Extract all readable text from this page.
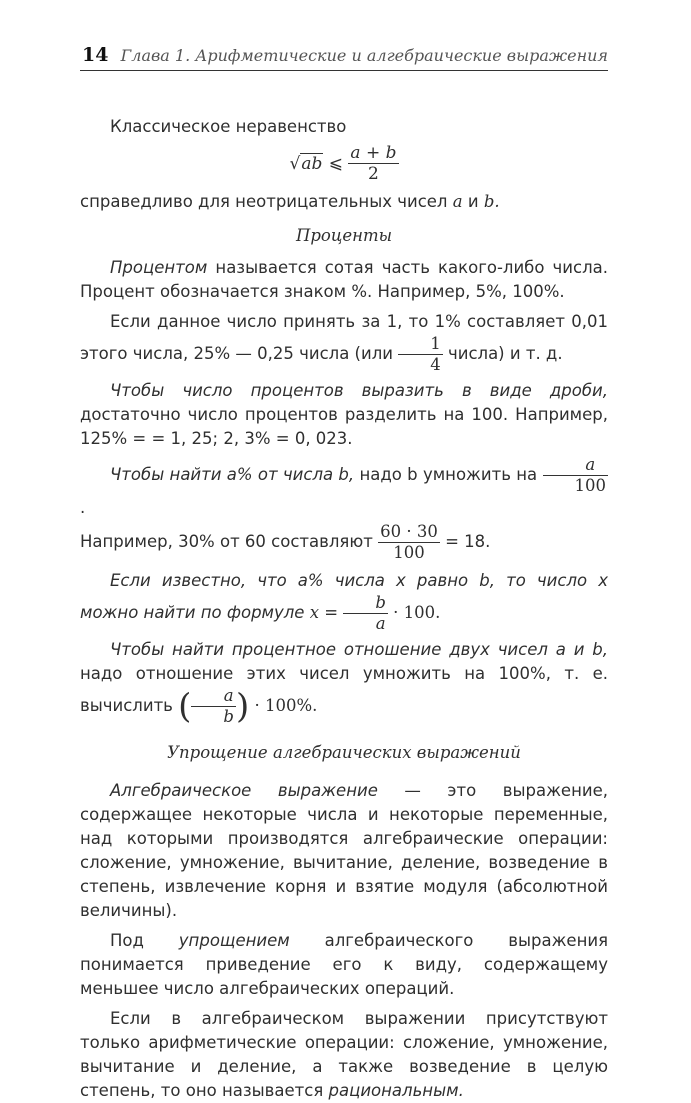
14 Глава 1. Арифметические и алгебраические выражения

Классическое неравенство

√ab ⩽ $\frac{a + b}{2}$

справедливо для неотрицательных чисел a и b.

Проценты

Процентом называется сотая часть какого-либо числа. Процент обозначается знаком %. Например, 5%, 100%.

Если данное число принять за 1, то 1% составляет 0,01 этого числа, 25% — 0,25 числа ($или \frac{1}{4}$ числа) и т. д.

Чтобы число процентов выразить в виде дроби, достаточно число процентов разделить на 100. Например, 125% = = 1, 25; 2, 3% = 0, 023.

Чтобы найти a% от числа b, надо b умножить на $\frac{a}{100}$
.

Например, 30% от 60 составляют $\frac{60 \cdot 30}{100} = 18$.

Если известно, что a% числа x равно b, то число x можно найти по формуле $x = \frac{b}{a} \cdot 100$.

Чтобы найти процентное отношение двух чисел a и b, надо отношение этих чисел умножить на 100%, т. е. вычислить ( $\frac{a}{b}$ ) · 100%.

Упрощение алгебраических выражений

Алгебраическое выражение — это выражение, содержащее некоторые числа и некоторые переменные, над которыми производятся алгебраические операции: сложение, умножение, вычитание, деление, возведение в степень, извлечение корня и взятие модуля (абсолютной величины).

Под упрощением алгебраического выражения понимается приведение его к виду, содержащему меньшее число алгебраических операций.

Если в алгебраическом выражении присутствуют только арифметические операции: сложение, умножение, вычитание и деление, а также возведение в целую степень, то оно называется рациональным.
